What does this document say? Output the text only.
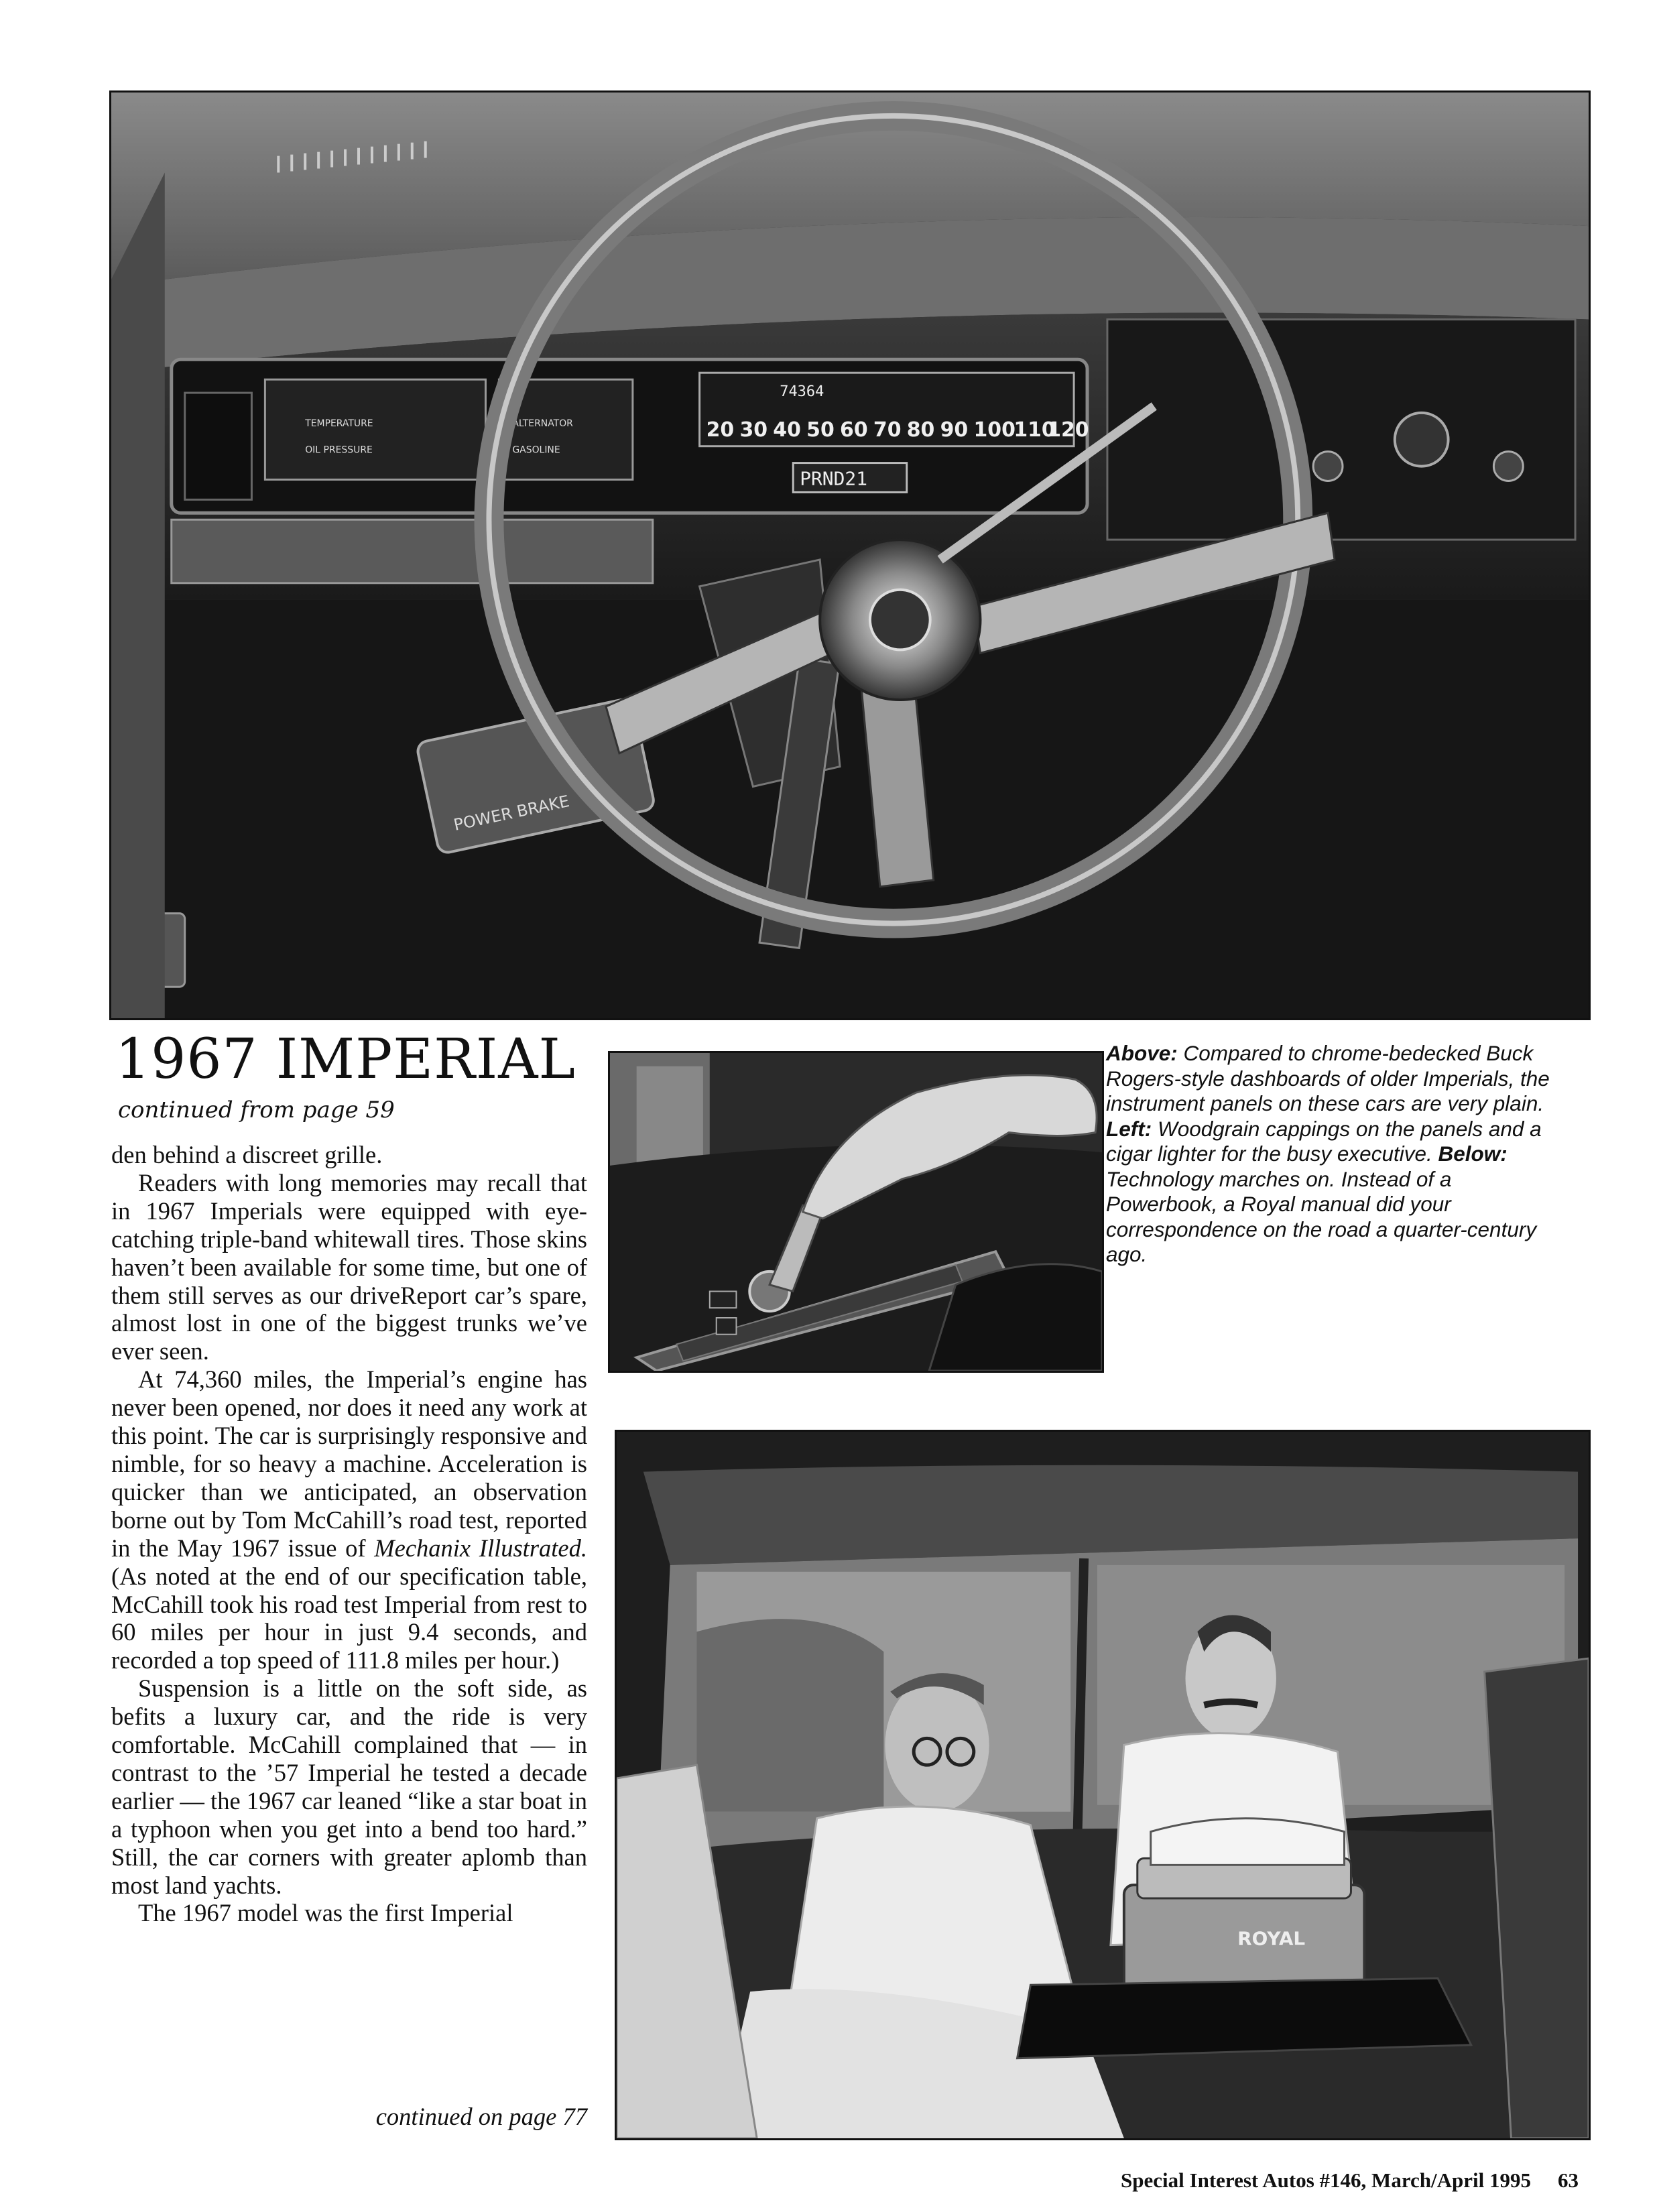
TEMPERATURE
OIL PRESSURE
ALTERNATOR
GASOLINE
74364
20 30 40 50 60 70 80 90 100
110
120
PRND21
POWER BRAKE
1967 IMPERIAL
continued from page 59

den behind a discreet grille.

Readers with long memories may recall that in 1967 Imperials were equipped with eye-catching triple-band whitewall tires. Those skins haven’t been available for some time, but one of them still serves as our driveReport car’s spare, almost lost in one of the biggest trunks we’ve ever seen.

At 74,360 miles, the Imperial’s engine has never been opened, nor does it need any work at this point. The car is surprisingly responsive and nimble, for so heavy a machine. Acceleration is quicker than we anticipated, an observation borne out by Tom McCahill’s road test, reported in the May 1967 issue of Mechanix Illustrated. (As noted at the end of our specification table, McCahill took his road test Imperial from rest to 60 miles per hour in just 9.4 seconds, and recorded a top speed of 111.8 miles per hour.)

Suspension is a little on the soft side, as befits a luxury car, and the ride is very comfortable. McCahill complained that — in contrast to the ’57 Imperial he tested a decade earlier — the 1967 car leaned “like a star boat in a typhoon when you get into a bend too hard.” Still, the car corners with greater aplomb than most land yachts.

The 1967 model was the first Imperial

continued on page 77
Above: Compared to chrome-bedecked Buck Rogers-style dashboards of older Imperials, the instrument panels on these cars are very plain. Left: Woodgrain cappings on the panels and a cigar lighter for the busy executive. Below: Technology marches on. Instead of a Powerbook, a Royal manual did your correspondence on the road a quarter-century ago.
ROYAL
Special Interest Autos #146, March/April 1995 63
